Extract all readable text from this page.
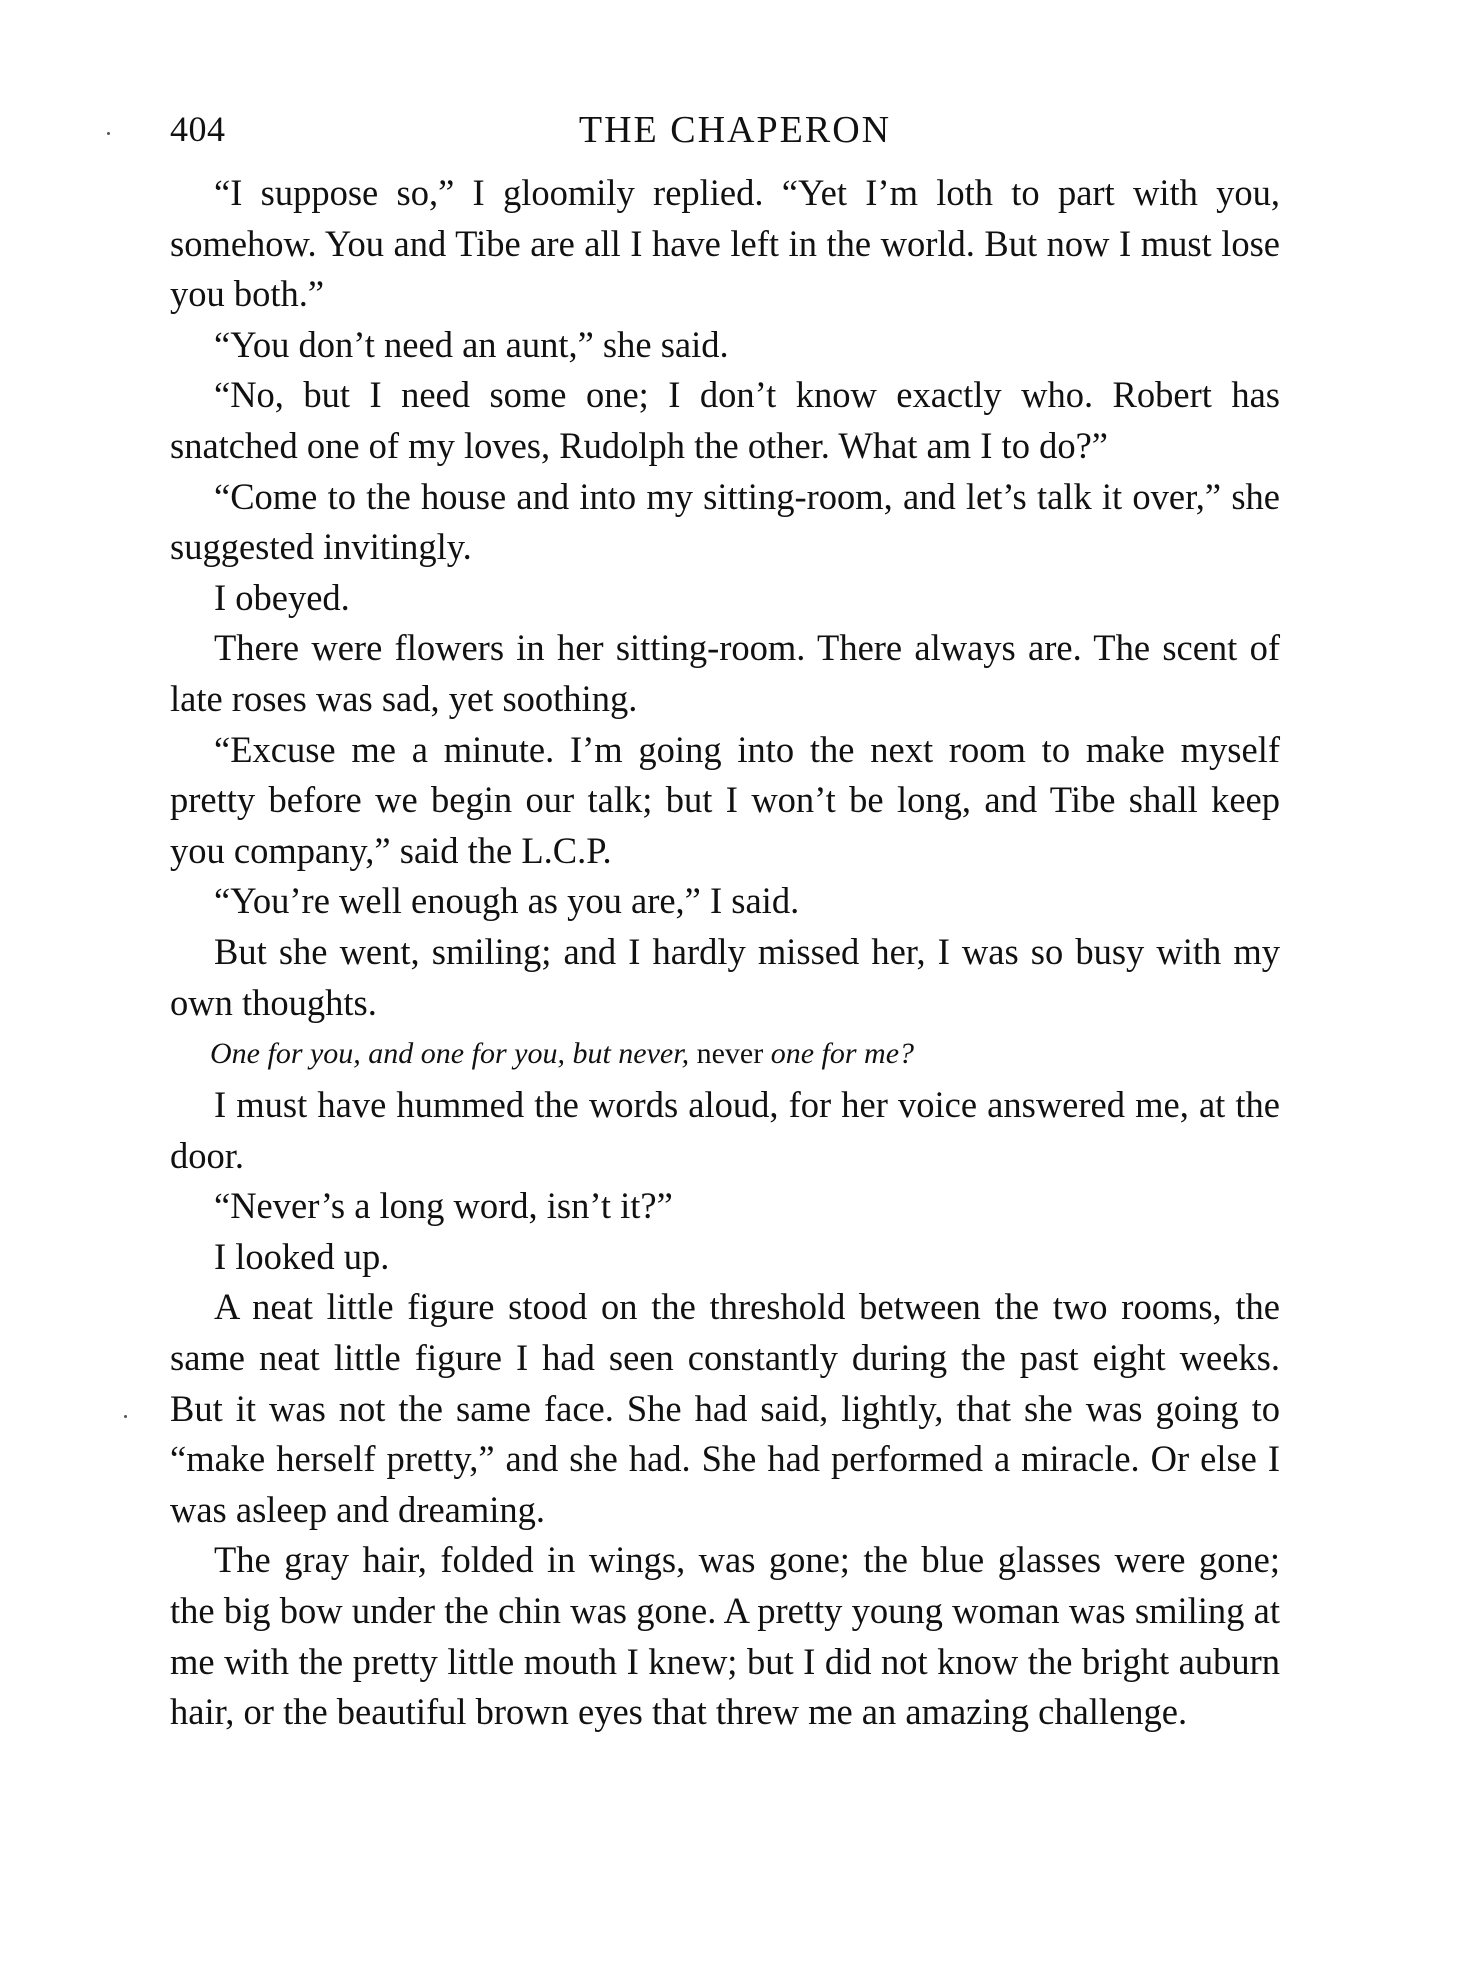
404	THE CHAPERON

“I suppose so,” I gloomily replied. “Yet I’m loth to part with you, somehow. You and Tibe are all I have left in the world. But now I must lose you both.”

“You don’t need an aunt,” she said.

“No, but I need some one; I don’t know exactly who. Robert has snatched one of my loves, Rudolph the other. What am I to do?”

“Come to the house and into my sitting-room, and let’s talk it over,” she suggested invitingly.

I obeyed.

There were flowers in her sitting-room. There always are. The scent of late roses was sad, yet soothing.

“Excuse me a minute. I’m going into the next room to make myself pretty before we begin our talk; but I won’t be long, and Tibe shall keep you company,” said the L.C.P.

“You’re well enough as you are,” I said.

But she went, smiling; and I hardly missed her, I was so busy with my own thoughts.

One for you, and one for you, but never, never one for me?

I must have hummed the words aloud, for her voice answered me, at the door.

“Never’s a long word, isn’t it?”

I looked up.

A neat little figure stood on the threshold between the two rooms, the same neat little figure I had seen constantly during the past eight weeks. But it was not the same face. She had said, lightly, that she was going to “make herself pretty,” and she had. She had performed a miracle. Or else I was asleep and dreaming.

The gray hair, folded in wings, was gone; the blue glasses were gone; the big bow under the chin was gone. A pretty young woman was smiling at me with the pretty little mouth I knew; but I did not know the bright auburn hair, or the beautiful brown eyes that threw me an amazing challenge.
